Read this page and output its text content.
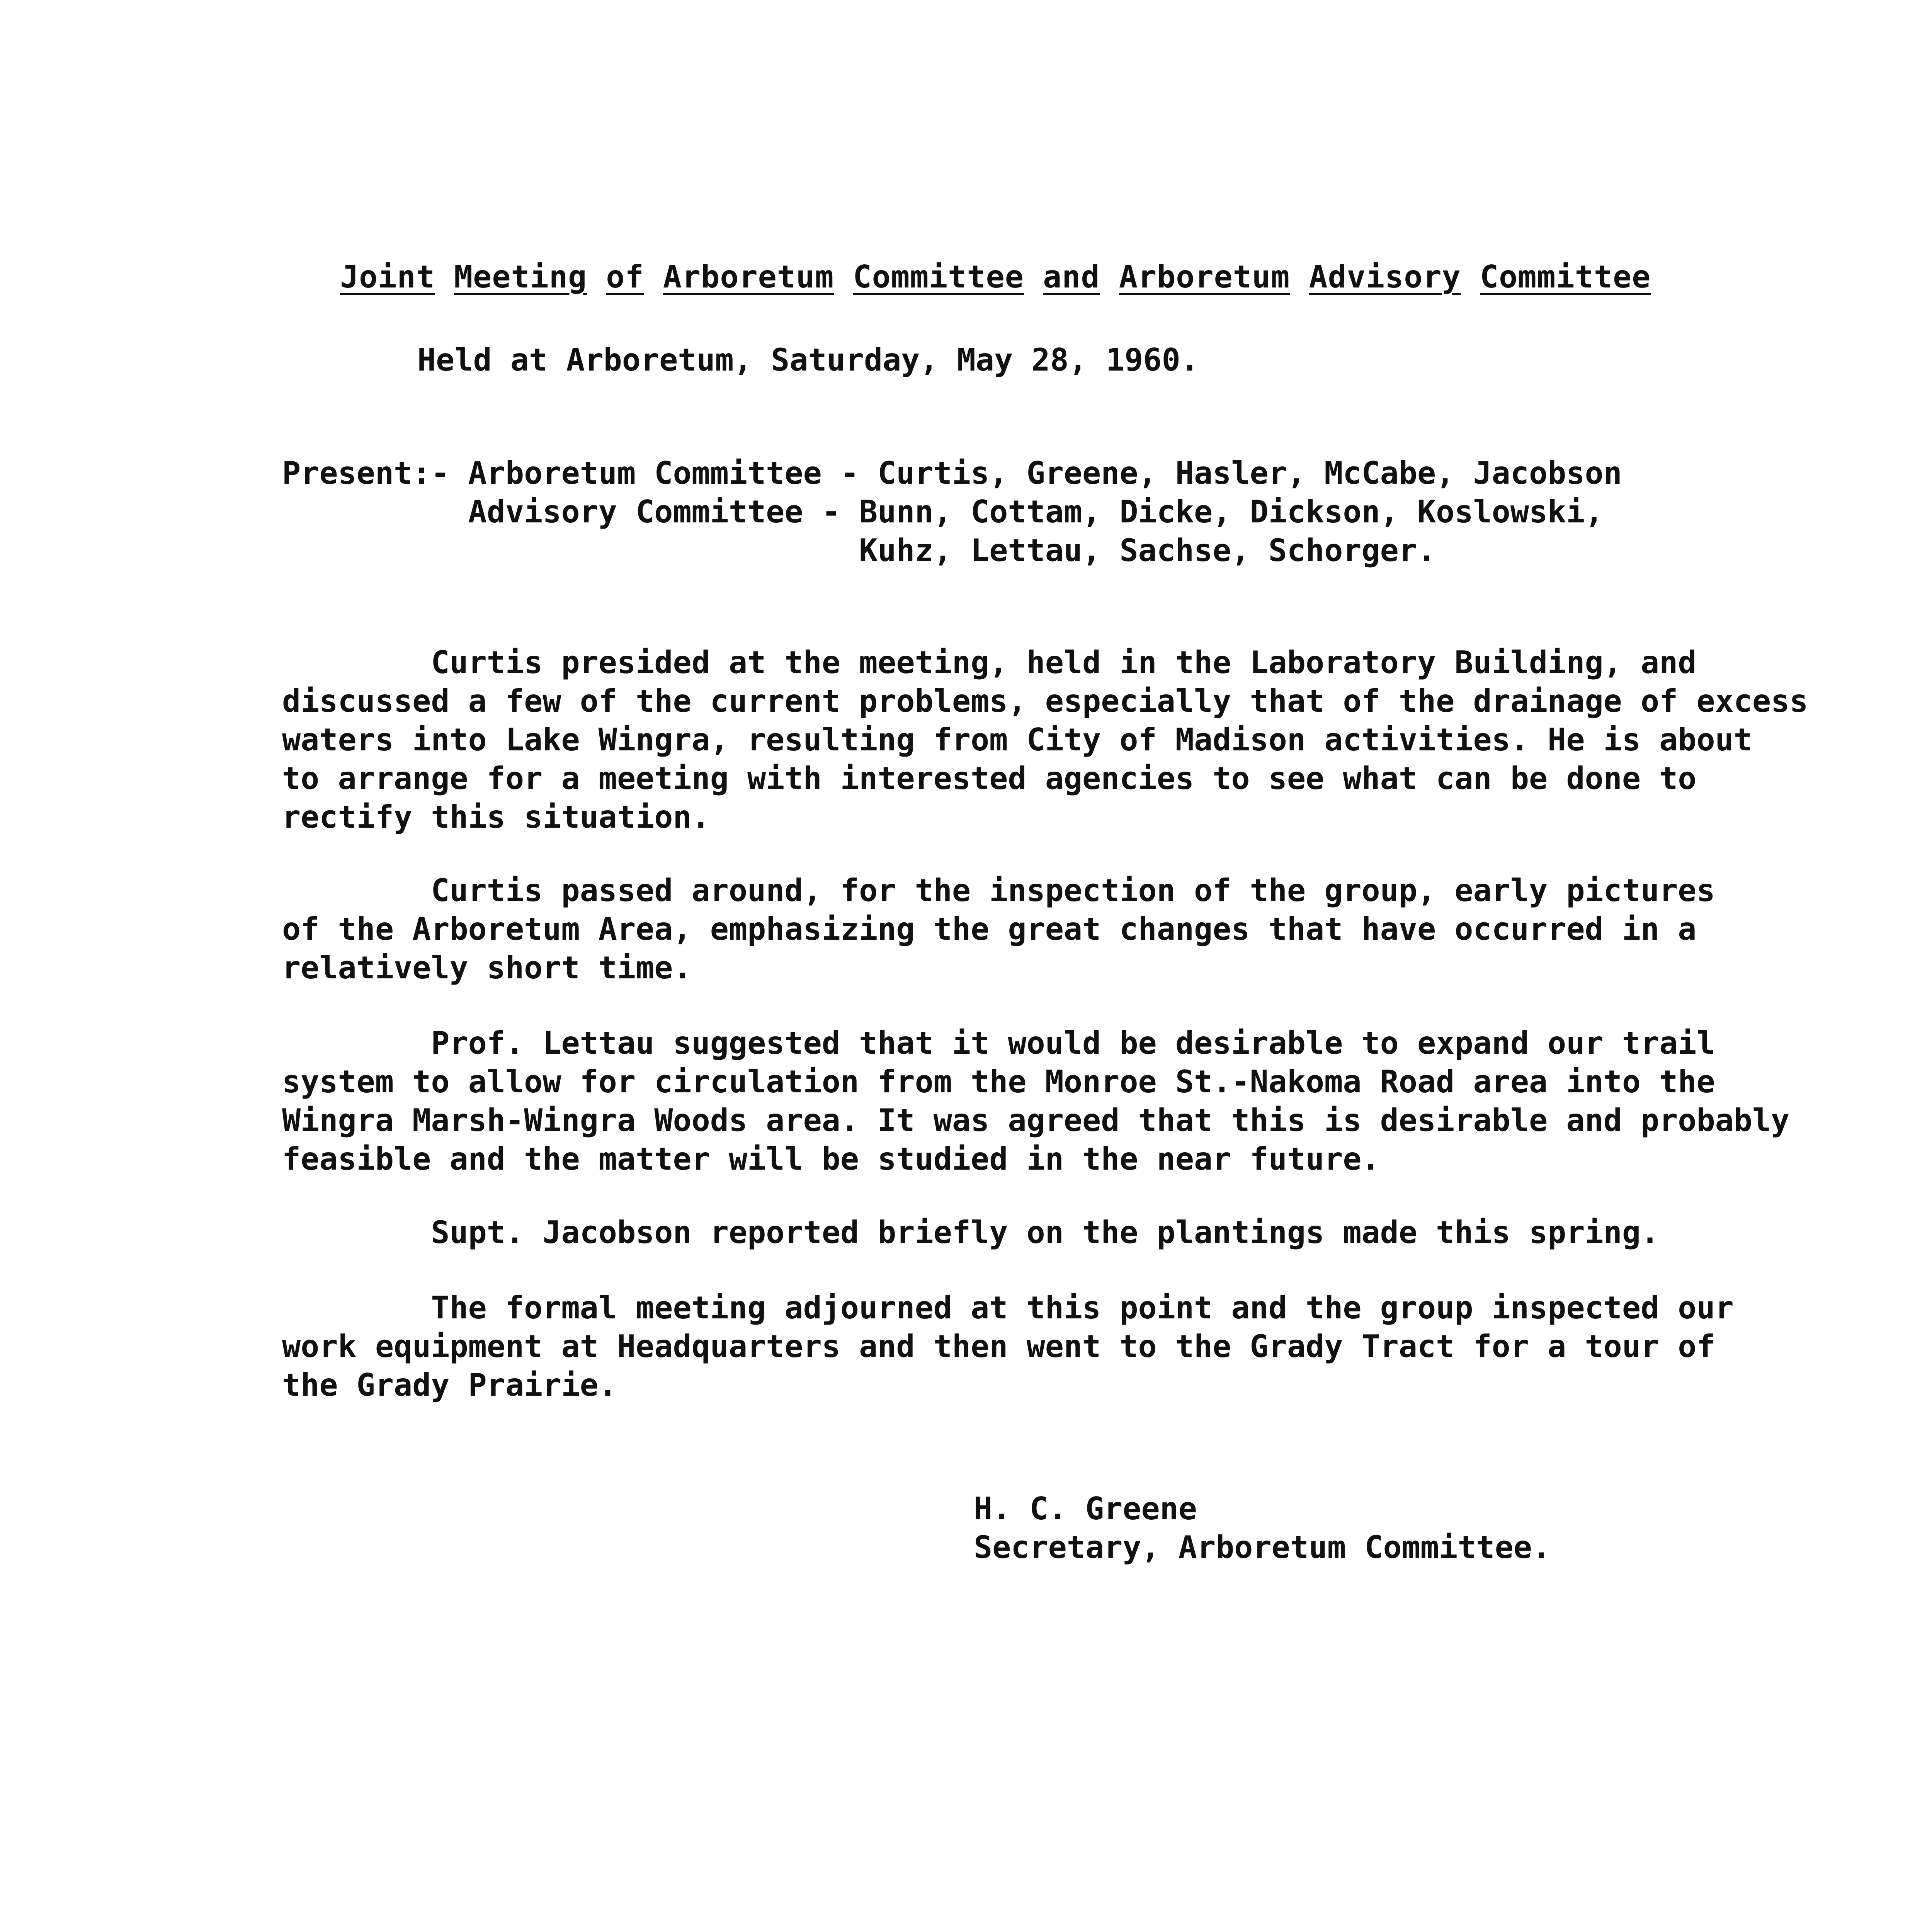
Joint Meeting of Arboretum Committee and Arboretum Advisory Committee
Held at Arboretum, Saturday, May 28, 1960.
Present:- Arboretum Committee - Curtis, Greene, Hasler, McCabe, Jacobson
Advisory Committee - Bunn, Cottam, Dicke, Dickson, Koslowski,
Kuhz, Lettau, Sachse, Schorger.
Curtis presided at the meeting, held in the Laboratory Building, and
discussed a few of the current problems, especially that of the drainage of excess
waters into Lake Wingra, resulting from City of Madison activities. He is about
to arrange for a meeting with interested agencies to see what can be done to
rectify this situation.
Curtis passed around, for the inspection of the group, early pictures
of the Arboretum Area, emphasizing the great changes that have occurred in a
relatively short time.
Prof. Lettau suggested that it would be desirable to expand our trail
system to allow for circulation from the Monroe St.-Nakoma Road area into the
Wingra Marsh-Wingra Woods area. It was agreed that this is desirable and probably
feasible and the matter will be studied in the near future.
Supt. Jacobson reported briefly on the plantings made this spring.
The formal meeting adjourned at this point and the group inspected our
work equipment at Headquarters and then went to the Grady Tract for a tour of
the Grady Prairie.
H. C. Greene
Secretary, Arboretum Committee.
